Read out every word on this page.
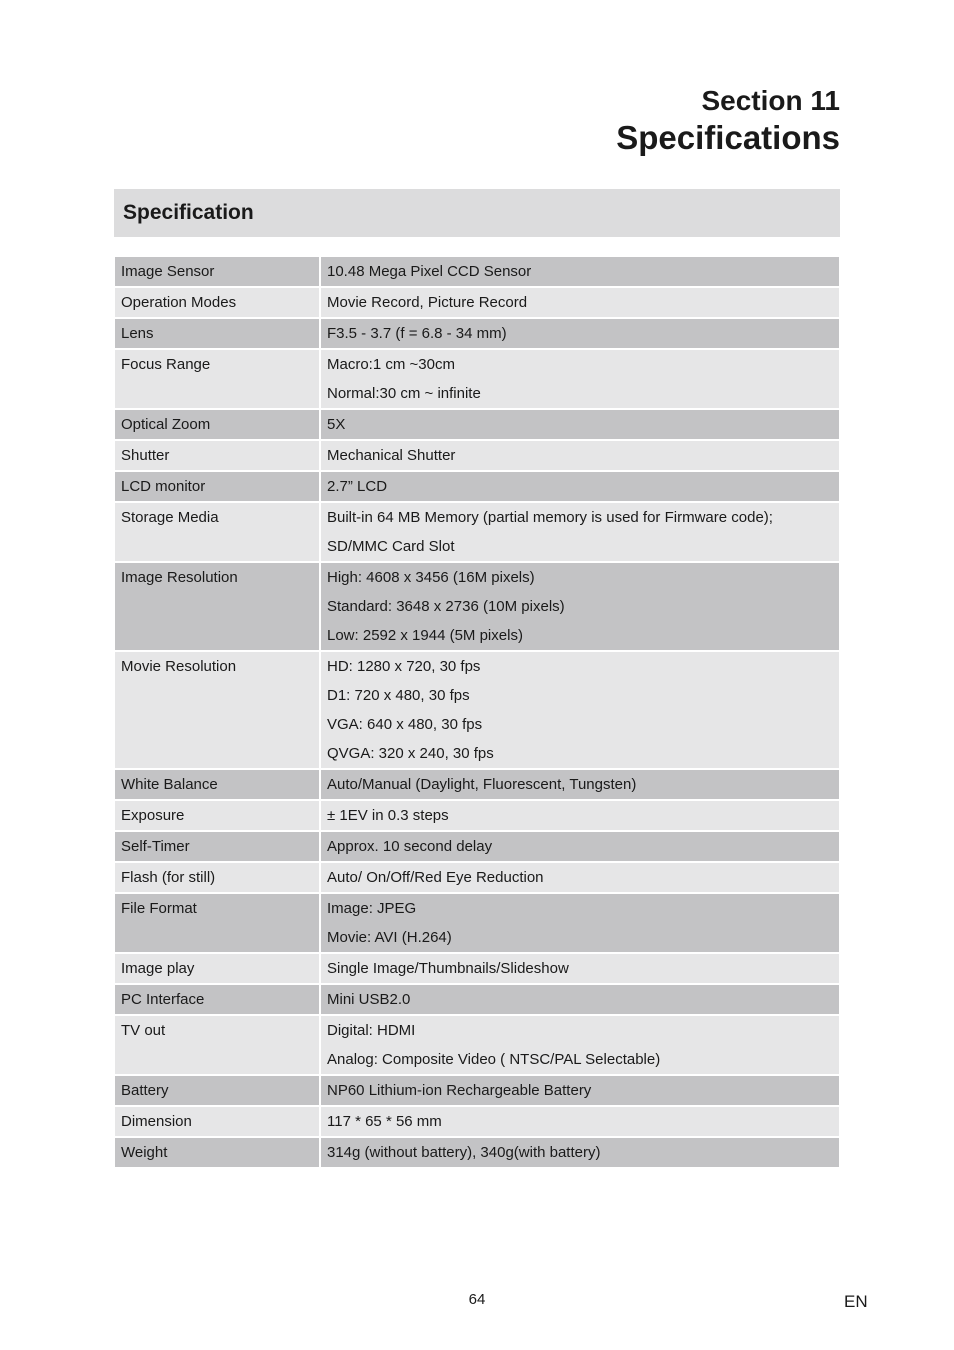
Section 11
Specifications
Specification
Image Sensor	10.48 Mega Pixel CCD Sensor

Operation Modes	Movie Record, Picture Record

Lens	F3.5 - 3.7 (f = 6.8 - 34 mm)

Focus Range	Macro:1 cm ~30cm
Normal:30 cm ~ infinite

Optical Zoom	5X

Shutter	Mechanical Shutter

LCD monitor	2.7” LCD

Storage Media	Built-in 64 MB Memory (partial memory is used for Firmware code);
SD/MMC Card Slot

Image Resolution	High: 4608 x 3456 (16M pixels)
Standard: 3648 x 2736 (10M pixels)
Low: 2592 x 1944 (5M pixels)

Movie Resolution	HD: 1280 x 720, 30 fps
D1: 720 x 480, 30 fps
VGA: 640 x 480, 30 fps
QVGA: 320 x 240, 30 fps

White Balance	Auto/Manual (Daylight, Fluorescent, Tungsten)

Exposure	± 1EV in 0.3 steps

Self-Timer	Approx. 10 second delay

Flash (for still)	Auto/ On/Off/Red Eye Reduction

File Format	Image: JPEG
Movie: AVI (H.264)

Image play	Single Image/Thumbnails/Slideshow

PC Interface	Mini USB2.0

TV out	Digital: HDMI
Analog: Composite Video ( NTSC/PAL Selectable)

Battery	NP60 Lithium-ion Rechargeable Battery

Dimension	117 * 65 * 56 mm

Weight	314g (without battery), 340g(with battery)
64	EN
